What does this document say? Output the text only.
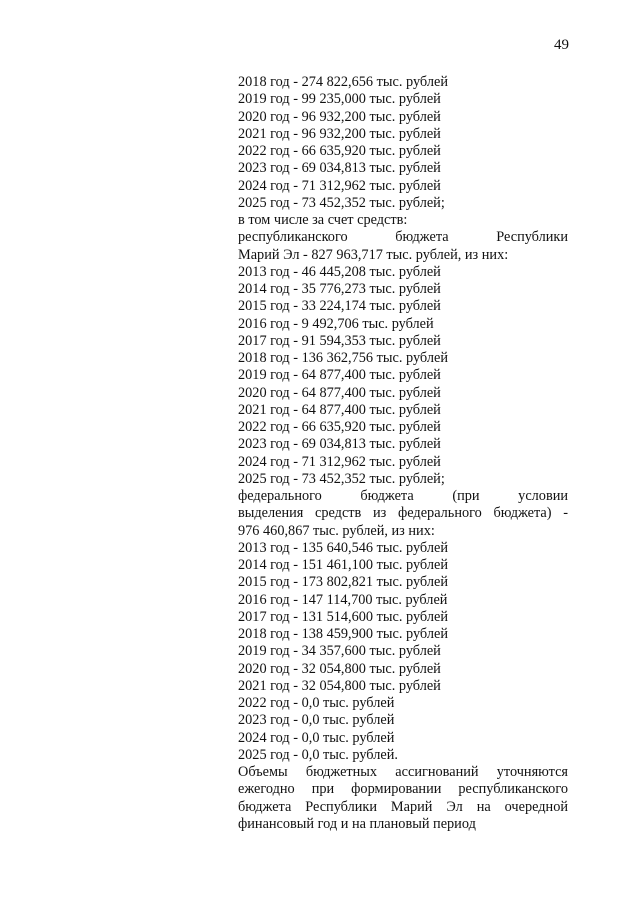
49
2018 год - 274 822,656 тыс. рублей
2019 год - 99 235,000 тыс. рублей
2020 год - 96 932,200 тыс. рублей
2021 год - 96 932,200 тыс. рублей
2022 год - 66 635,920 тыс. рублей
2023 год - 69 034,813 тыс. рублей
2024 год - 71 312,962 тыс. рублей
2025 год - 73 452,352 тыс. рублей;
в том числе за счет средств:
республиканского бюджета Республики
Марий Эл - 827 963,717 тыс. рублей, из них:
2013 год - 46 445,208 тыс. рублей
2014 год - 35 776,273 тыс. рублей
2015 год - 33 224,174 тыс. рублей
2016 год - 9 492,706 тыс. рублей
2017 год - 91 594,353 тыс. рублей
2018 год - 136 362,756 тыс. рублей
2019 год - 64 877,400 тыс. рублей
2020 год - 64 877,400 тыс. рублей
2021 год - 64 877,400 тыс. рублей
2022 год - 66 635,920 тыс. рублей
2023 год - 69 034,813 тыс. рублей
2024 год - 71 312,962 тыс. рублей
2025 год - 73 452,352 тыс. рублей;
федерального бюджета (при условии
выделения средств из федерального бюджета) -
976 460,867 тыс. рублей, из них:
2013 год - 135 640,546 тыс. рублей
2014 год - 151 461,100 тыс. рублей
2015 год - 173 802,821 тыс. рублей
2016 год - 147 114,700 тыс. рублей
2017 год - 131 514,600 тыс. рублей
2018 год - 138 459,900 тыс. рублей
2019 год - 34 357,600 тыс. рублей
2020 год - 32 054,800 тыс. рублей
2021 год - 32 054,800 тыс. рублей
2022 год - 0,0 тыс. рублей
2023 год - 0,0 тыс. рублей
2024 год - 0,0 тыс. рублей
2025 год - 0,0 тыс. рублей.
Объемы бюджетных ассигнований уточняются
ежегодно при формировании республиканского
бюджета Республики Марий Эл на очередной
финансовый год и на плановый период
